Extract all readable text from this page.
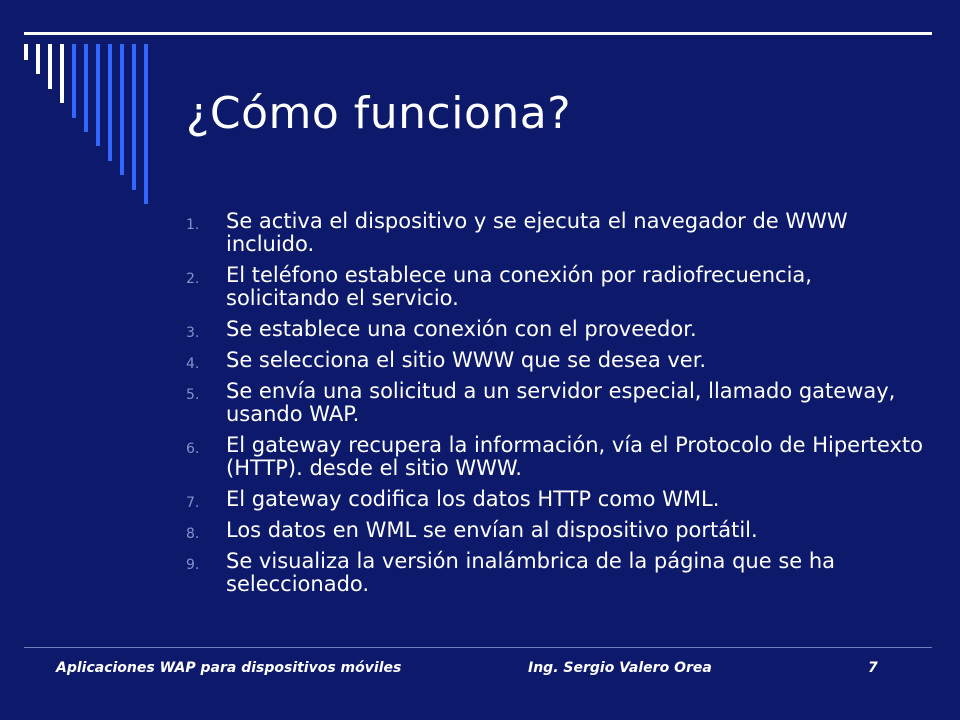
¿Cómo funciona?
1.	Se activa el dispositivo y se ejecuta el navegador de WWW incluido.
2.	El teléfono establece una conexión por radiofrecuencia, solicitando el servicio.
3.	Se establece una conexión con el proveedor.
4.	Se selecciona el sitio WWW que se desea ver.
5.	Se envía una solicitud a un servidor especial, llamado gateway, usando WAP.
6.	El gateway recupera la información, vía el Protocolo de Hipertexto (HTTP). desde el sitio WWW.
7.	El gateway codifica los datos HTTP como WML.
8.	Los datos en WML se envían al dispositivo portátil.
9.	Se visualiza la versión inalámbrica de la página que se ha seleccionado.
Aplicaciones WAP para dispositivos móviles	Ing. Sergio Valero Orea	7
